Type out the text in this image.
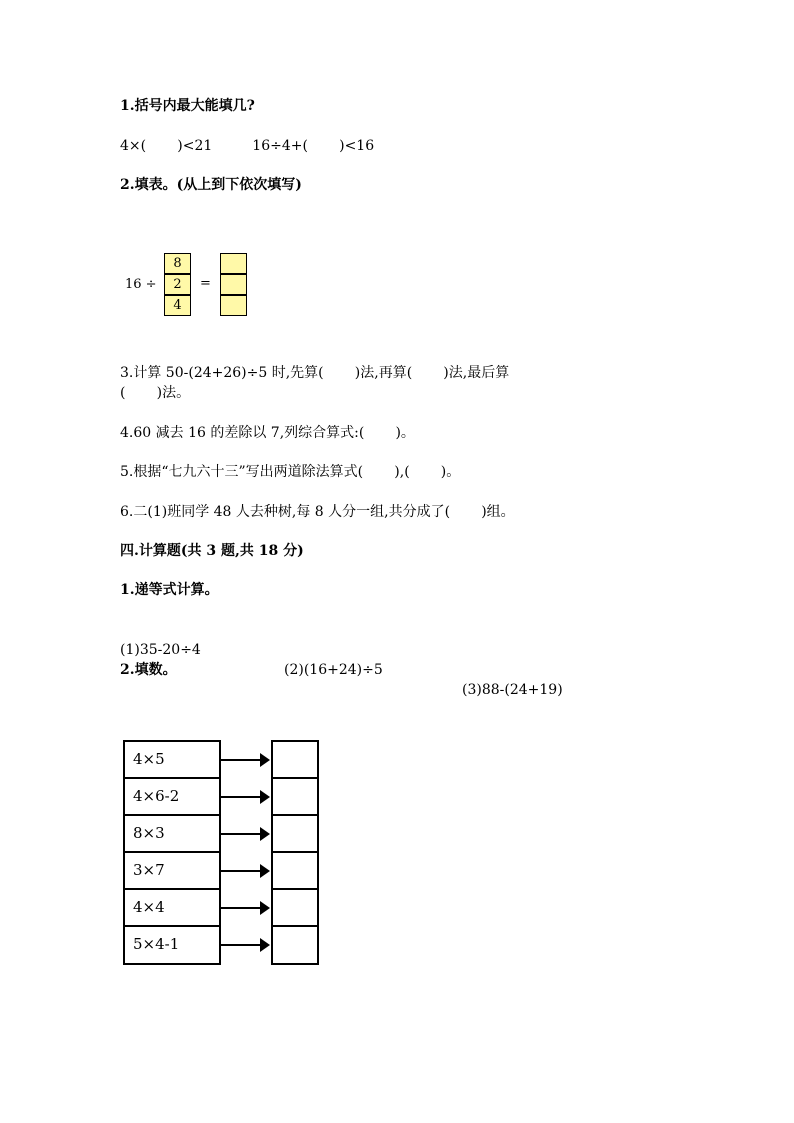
1.括号内最大能填几?
4×(       )<21         16÷4+(       )<16
2.填表。(从上到下依次填写)
16 ÷
8
2
4
=
3.计算 50-(24+26)÷5 时,先算(       )法,再算(       )法,最后算
(       )法。
4.60 减去 16 的差除以 7,列综合算式:(       )。
5.根据“七九六十三”写出两道除法算式(       ),(       )。
6.二(1)班同学 48 人去种树,每 8 人分一组,共分成了(       )组。
四.计算题(共 3 题,共 18 分)
1.递等式计算。

(1)35-20÷4

(2)(16+24)÷5

(3)88-(24+19)

2.填数。
4×5
4×6-2
8×3
3×7
4×4
5×4-1
